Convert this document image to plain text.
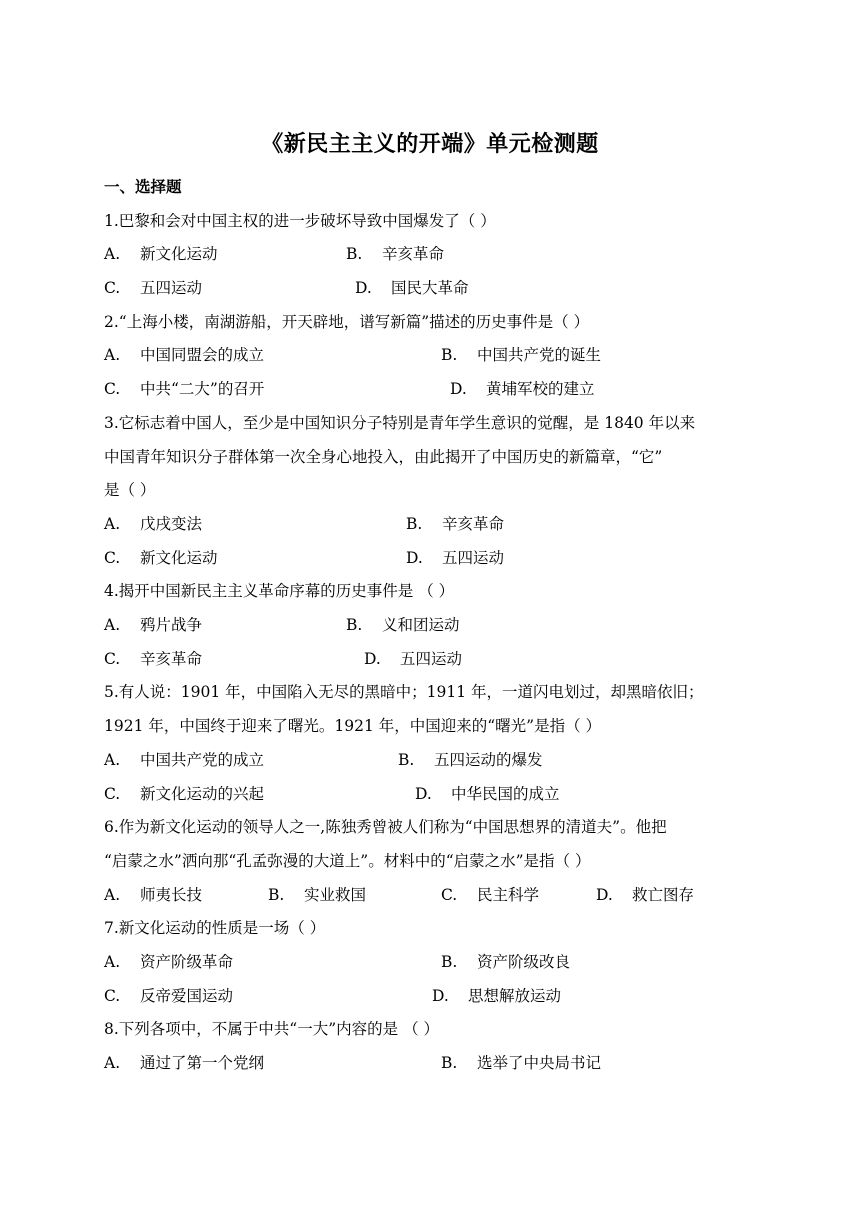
《新民主主义的开端》单元检测题
一、选择题
1.巴黎和会对中国主权的进一步破坏导致中国爆发了（ ）
A. 新文化运动	B. 辛亥革命
C. 五四运动	D. 国民大革命
2.“上海小楼，南湖游船，开天辟地，谱写新篇”描述的历史事件是（ ）
A. 中国同盟会的成立	B. 中国共产党的诞生
C. 中共“二大”的召开	D. 黄埔军校的建立
3.它标志着中国人，至少是中国知识分子特别是青年学生意识的觉醒，是 1840 年以来
中国青年知识分子群体第一次全身心地投入，由此揭开了中国历史的新篇章，“它”
是（ ）
A. 戊戌变法	B. 辛亥革命
C. 新文化运动	D. 五四运动
4.揭开中国新民主主义革命序幕的历史事件是 （ ）
A. 鸦片战争	B. 义和团运动
C. 辛亥革命	D. 五四运动
5.有人说：1901 年，中国陷入无尽的黑暗中；1911 年，一道闪电划过，却黑暗依旧；
1921 年，中国终于迎来了曙光。1921 年，中国迎来的“曙光”是指（ ）
A. 中国共产党的成立	B. 五四运动的爆发
C. 新文化运动的兴起	D. 中华民国的成立
6.作为新文化运动的领导人之一,陈独秀曾被人们称为“中国思想界的清道夫”。他把
“启蒙之水”洒向那“孔孟弥漫的大道上”。材料中的“启蒙之水”是指（ ）
A. 师夷长技	B. 实业救国	C. 民主科学	D. 救亡图存
7.新文化运动的性质是一场（ ）
A. 资产阶级革命	B. 资产阶级改良
C. 反帝爱国运动	D. 思想解放运动
8.下列各项中，不属于中共“一大”内容的是 （ ）
A. 通过了第一个党纲	B. 选举了中央局书记
